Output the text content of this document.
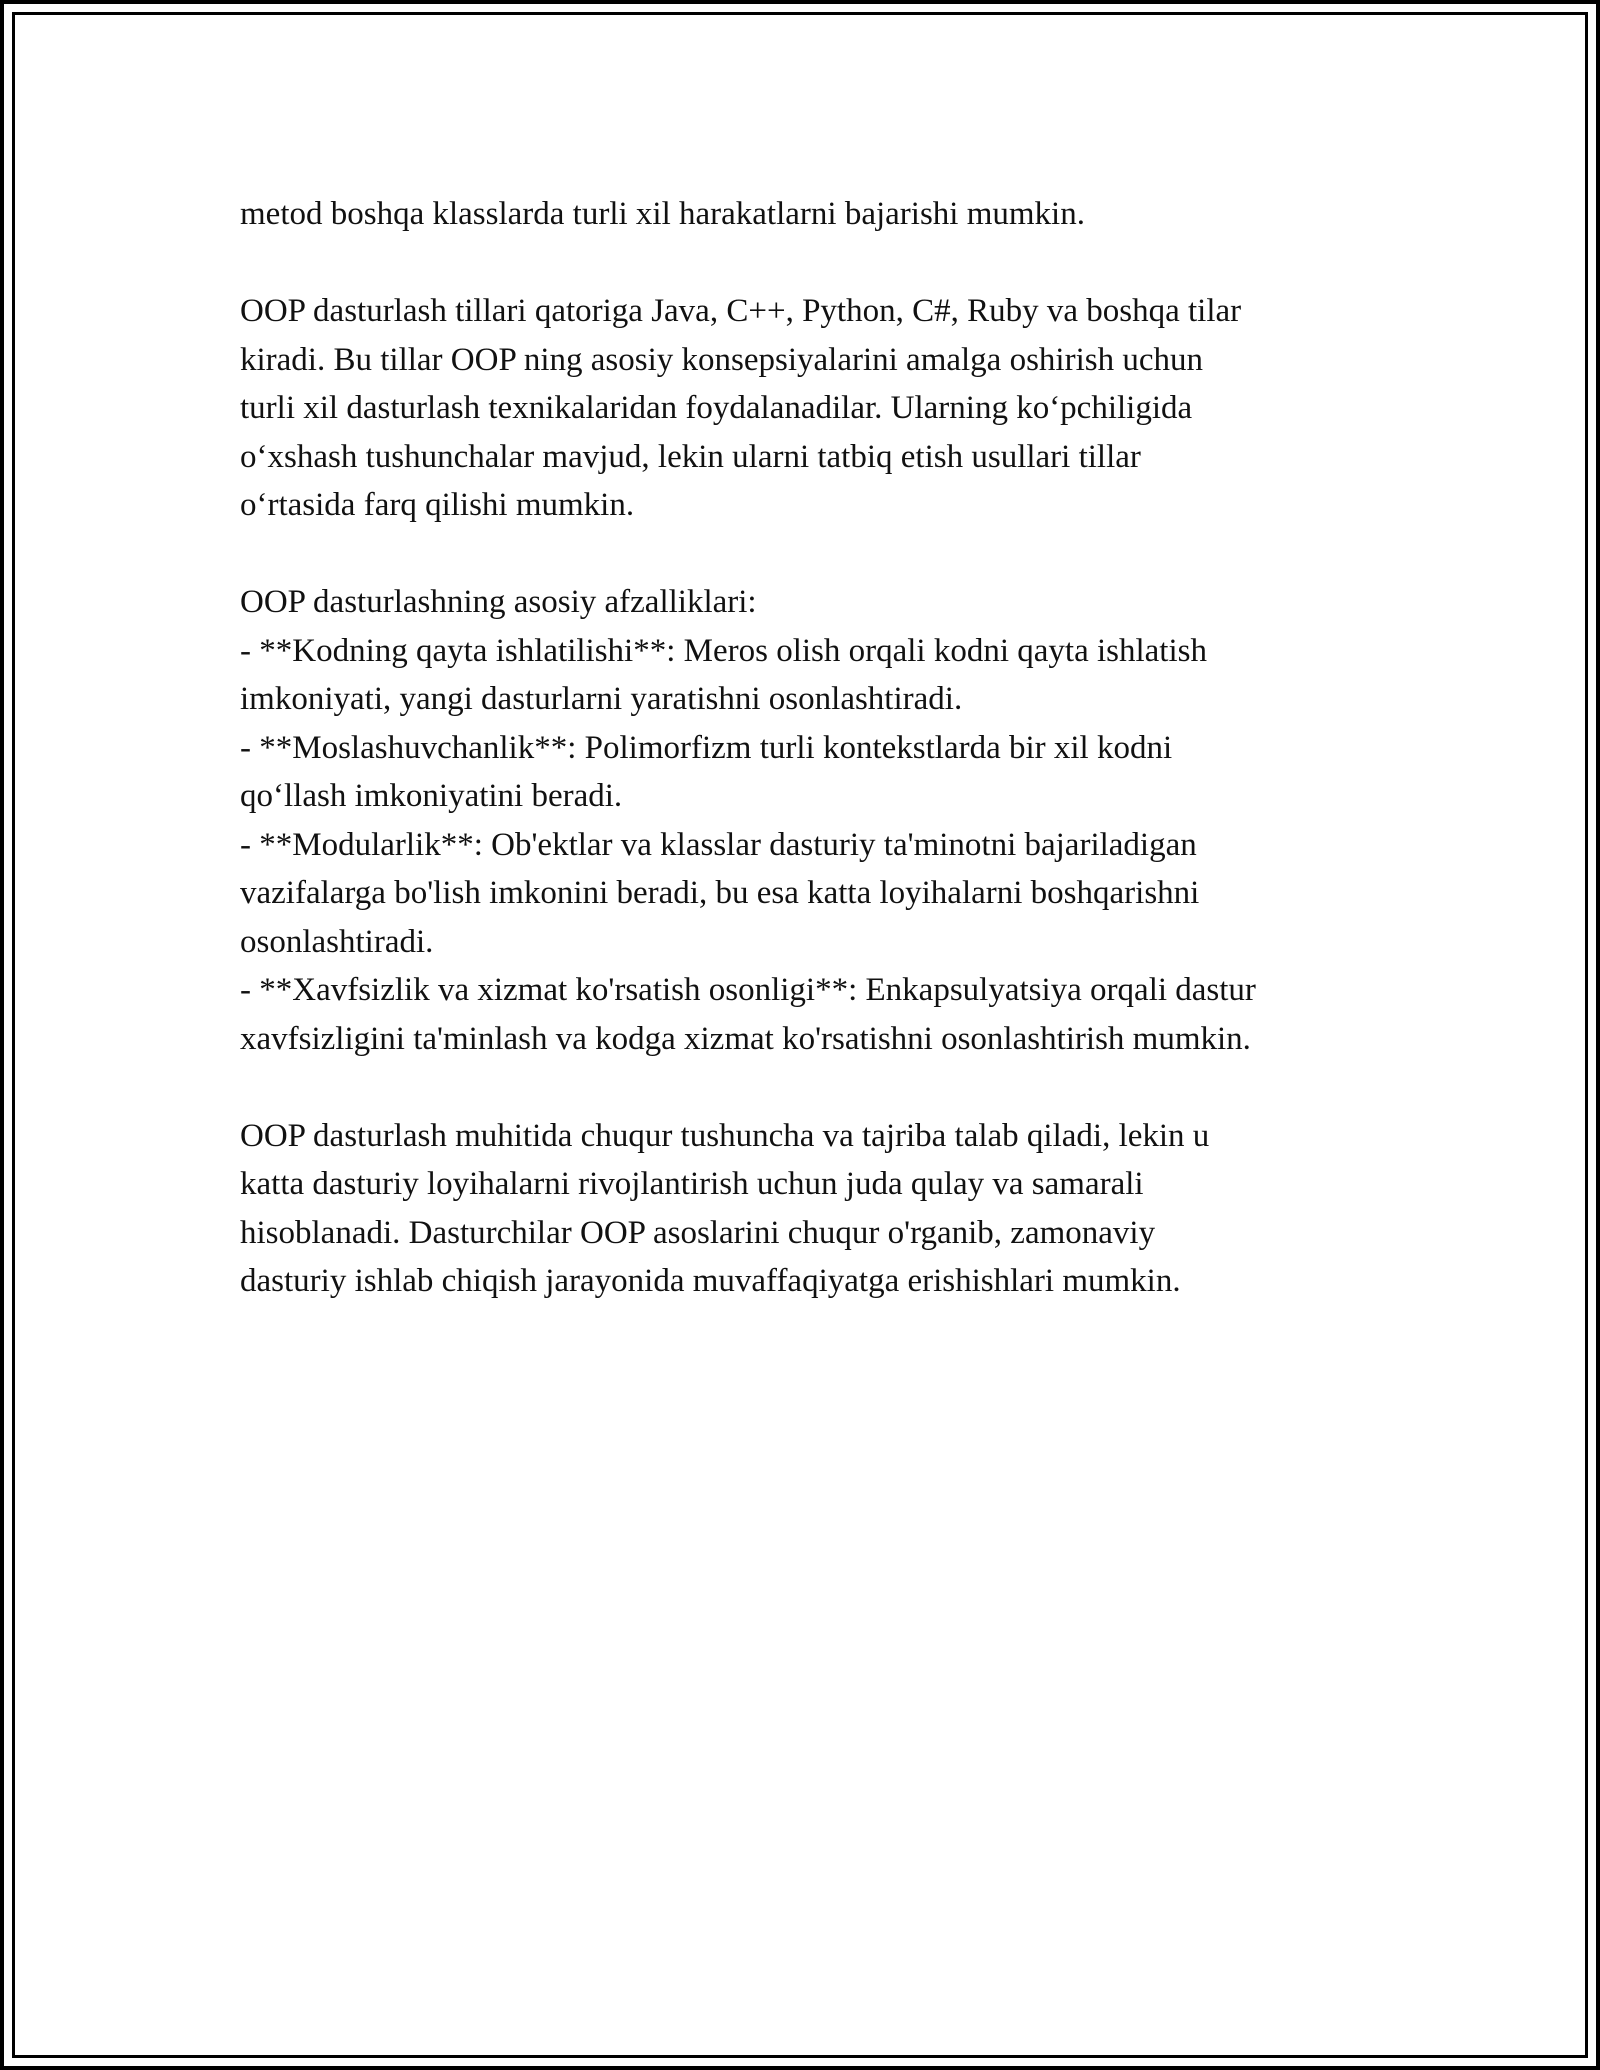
metod boshqa klasslarda turli xil harakatlarni bajarishi mumkin.
OOP dasturlash tillari qatoriga Java, C++, Python, C#, Ruby va boshqa tilar
kiradi. Bu tillar OOP ning asosiy konsepsiyalarini amalga oshirish uchun
turli xil dasturlash texnikalaridan foydalanadilar. Ularning ko‘pchiligida
o‘xshash tushunchalar mavjud, lekin ularni tatbiq etish usullari tillar
o‘rtasida farq qilishi mumkin.
OOP dasturlashning asosiy afzalliklari:
- **Kodning qayta ishlatilishi**: Meros olish orqali kodni qayta ishlatish
imkoniyati, yangi dasturlarni yaratishni osonlashtiradi.
- **Moslashuvchanlik**: Polimorfizm turli kontekstlarda bir xil kodni
qo‘llash imkoniyatini beradi.
- **Modularlik**: Ob'ektlar va klasslar dasturiy ta'minotni bajariladigan
vazifalarga bo'lish imkonini beradi, bu esa katta loyihalarni boshqarishni
osonlashtiradi.
- **Xavfsizlik va xizmat ko'rsatish osonligi**: Enkapsulyatsiya orqali dastur
xavfsizligini ta'minlash va kodga xizmat ko'rsatishni osonlashtirish mumkin.
OOP dasturlash muhitida chuqur tushuncha va tajriba talab qiladi, lekin u
katta dasturiy loyihalarni rivojlantirish uchun juda qulay va samarali
hisoblanadi. Dasturchilar OOP asoslarini chuqur o'rganib, zamonaviy
dasturiy ishlab chiqish jarayonida muvaffaqiyatga erishishlari mumkin.
